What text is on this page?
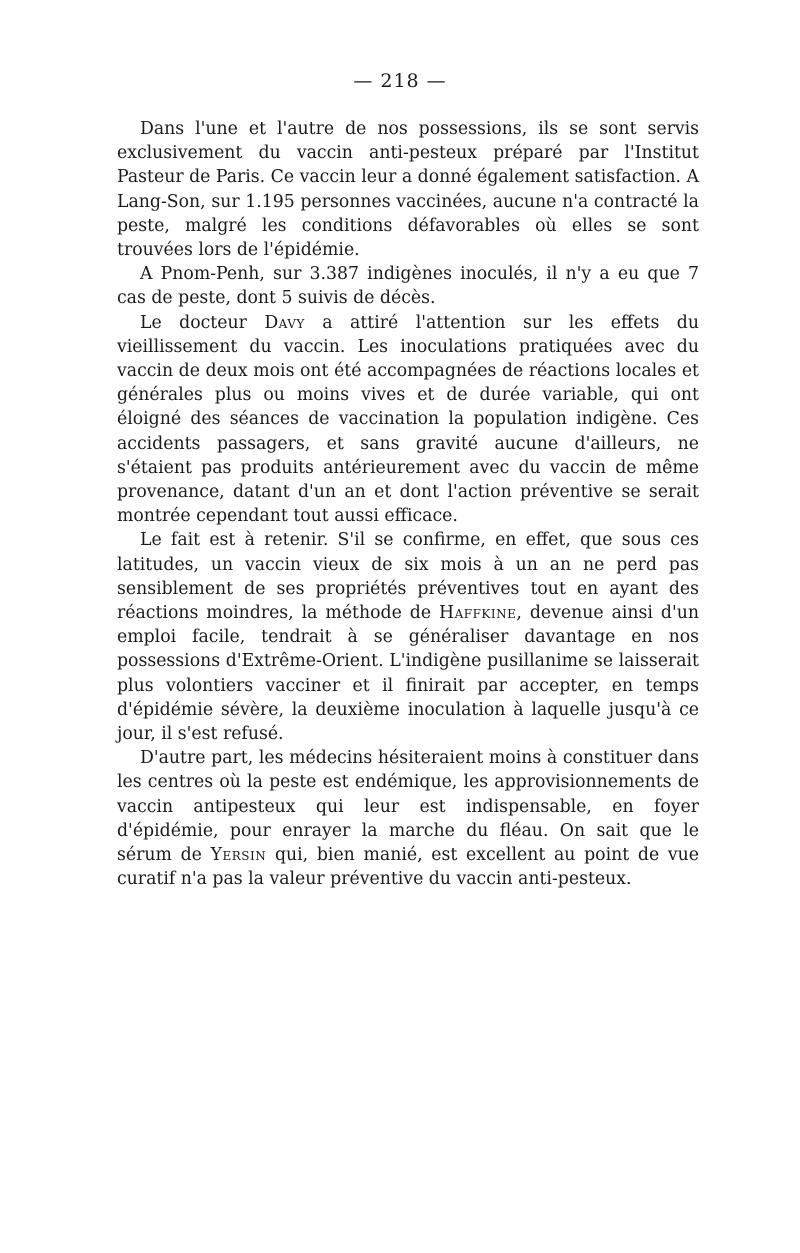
— 218 —

Dans l'une et l'autre de nos possessions, ils se sont servis exclusivement du vaccin anti-pesteux préparé par l'Institut Pasteur de Paris. Ce vaccin leur a donné également satisfaction. A Lang-Son, sur 1.195 personnes vaccinées, aucune n'a contracté la peste, malgré les conditions défavorables où elles se sont trouvées lors de l'épidémie.

A Pnom-Penh, sur 3.387 indigènes inoculés, il n'y a eu que 7 cas de peste, dont 5 suivis de décès.

Le docteur Davy a attiré l'attention sur les effets du vieillissement du vaccin. Les inoculations pratiquées avec du vaccin de deux mois ont été accompagnées de réactions locales et générales plus ou moins vives et de durée variable, qui ont éloigné des séances de vaccination la population indigène. Ces accidents passagers, et sans gravité aucune d'ailleurs, ne s'étaient pas produits antérieurement avec du vaccin de même provenance, datant d'un an et dont l'action préventive se serait montrée cependant tout aussi efficace.

Le fait est à retenir. S'il se confirme, en effet, que sous ces latitudes, un vaccin vieux de six mois à un an ne perd pas sensiblement de ses propriétés préventives tout en ayant des réactions moindres, la méthode de Haffkine, devenue ainsi d'un emploi facile, tendrait à se généraliser davantage en nos possessions d'Extrême-Orient. L'indigène pusillanime se laisserait plus volontiers vacciner et il finirait par accepter, en temps d'épidémie sévère, la deuxième inoculation à laquelle jusqu'à ce jour, il s'est refusé.

D'autre part, les médecins hésiteraient moins à constituer dans les centres où la peste est endémique, les approvisionnements de vaccin antipesteux qui leur est indispensable, en foyer d'épidémie, pour enrayer la marche du fléau. On sait que le sérum de Yersin qui, bien manié, est excellent au point de vue curatif n'a pas la valeur préventive du vaccin anti-pesteux.
